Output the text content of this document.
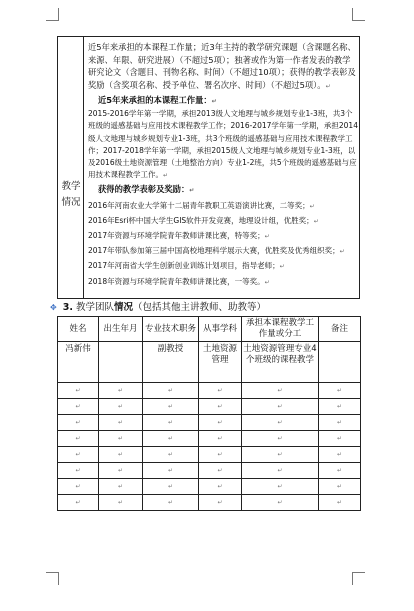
教学情况

近5年来承担的本课程工作量；近3年主持的教学研究课题（含课题名称、来源、年限、研究进展）（不超过5项）；独著或作为第一作者发表的教学研究论文（含题目、刊物名称、时间）（不超过10项）；获得的教学表彰及奖励（含奖项名称、授予单位、署名次序、时间）（不超过5项）。↵

近5年来承担的本课程工作量：↵

2015-2016学年第一学期，承担2013级人文地理与城乡规划专业1-3班，共3个班级的遥感基础与应用技术课程教学工作；2016-2017学年第一学期，承担2014级人文地理与城乡规划专业1-3班，共3个班级的遥感基础与应用技术课程教学工作；2017-2018学年第一学期，承担2015级人文地理与城乡规划专业1-3班，以及2016级土地资源管理（土地整治方向）专业1-2班，共5个班级的遥感基础与应用技术课程教学工作。↵

获得的教学表彰及奖励：↵

2016年河南农业大学第十二届青年教职工英语演讲比赛，二等奖；↵

2016年Esri杯中国大学生GIS软件开发竞赛，地理设计组，优胜奖；↵

2017年资源与环境学院青年教师讲课比赛，特等奖；↵

2017年带队参加第三届中国高校地理科学展示大赛，优胜奖及优秀组织奖；↵

2017年河南省大学生创新创业训练计划项目，指导老师；↵

2018年资源与环境学院青年教师讲课比赛，一等奖。↵

✥ 3. 教学团队情况（包括其他主讲教师、助教等）
姓名	出生年月	专业技术职务	从事学科	承担本课程教学工作量或分工	备注
冯新伟		副教授	土地资源管理	土地资源管理专业4个班级的课程教学	
↵	↵	↵	↵	↵	↵
↵	↵	↵	↵	↵	↵
↵	↵	↵	↵	↵	↵
↵	↵	↵	↵	↵	↵
↵	↵	↵	↵	↵	↵
↵	↵	↵	↵	↵	↵
↵	↵	↵	↵	↵	↵
↵	↵	↵	↵	↵	↵
